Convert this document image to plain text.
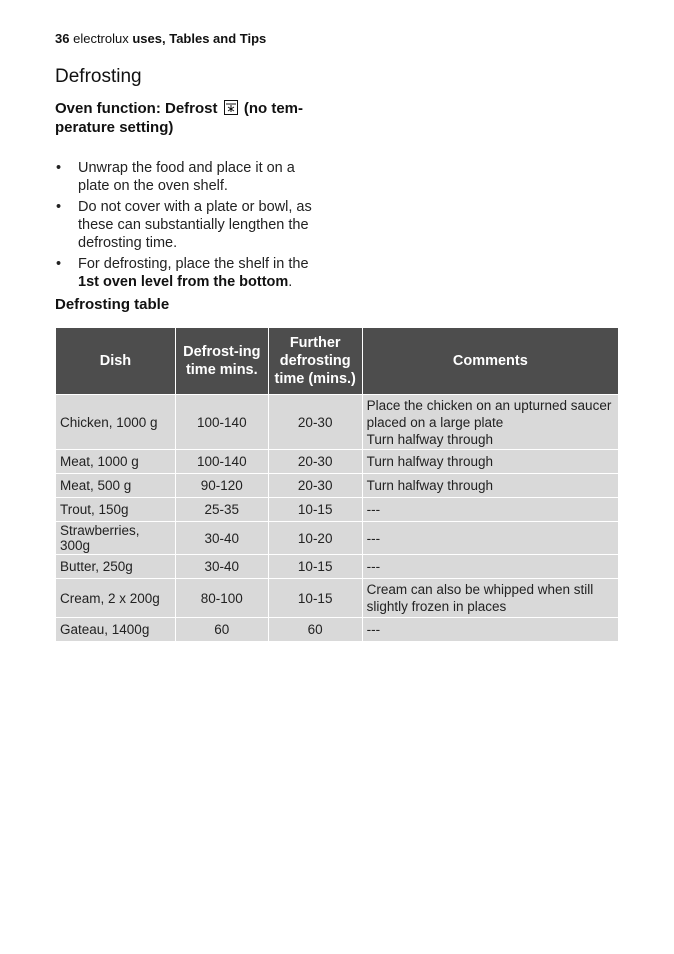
36 electrolux uses, Tables and Tips
Defrosting
Oven function: Defrost (no tem-perature setting)
• Unwrap the food and place it on a plate on the oven shelf.
• Do not cover with a plate or bowl, as these can substantially lengthen the defrosting time.
• For defrosting, place the shelf in the 1st oven level from the bottom.
Defrosting table
Dish	Defrost-ing time mins.	Further defrosting time (mins.)	Comments
Chicken, 1000 g	100-140	20-30	Place the chicken on an upturned saucer placed on a large plate
Turn halfway through

Meat, 1000 g	100-140	20-30	Turn halfway through
Meat, 500 g	90-120	20-30	Turn halfway through
Trout, 150g	25-35	10-15	---
Strawberries, 300g	30-40	10-20	---
Butter, 250g	30-40	10-15	---
Cream, 2 x 200g	80-100	10-15	Cream can also be whipped when still slightly frozen in places

Gateau, 1400g	60	60	---
